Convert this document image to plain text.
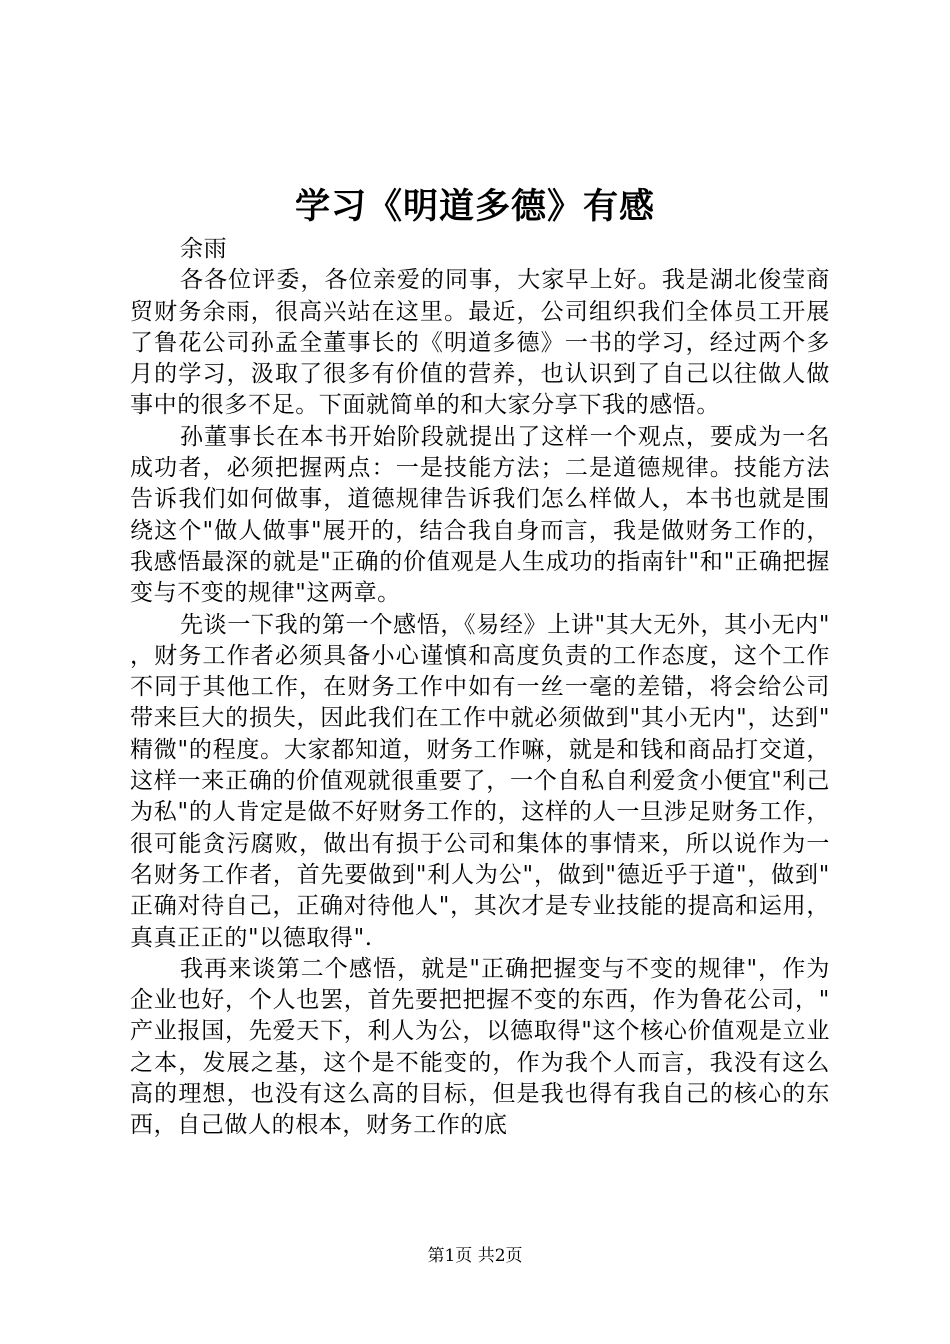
学习《明道多德》有感

余雨

各各位评委，各位亲爱的同事，大家早上好。我是湖北俊莹商贸财务余雨，很高兴站在这里。最近，公司组织我们全体员工开展了鲁花公司孙孟全董事长的《明道多德》一书的学习，经过两个多月的学习，汲取了很多有价值的营养，也认识到了自己以往做人做事中的很多不足。下面就简单的和大家分享下我的感悟。

孙董事长在本书开始阶段就提出了这样一个观点，要成为一名成功者，必须把握两点：一是技能方法；二是道德规律。技能方法告诉我们如何做事，道德规律告诉我们怎么样做人，本书也就是围绕这个"做人做事"展开的，结合我自身而言，我是做财务工作的，我感悟最深的就是"正确的价值观是人生成功的指南针"和"正确把握变与不变的规律"这两章。

先谈一下我的第一个感悟，《易经》上讲"其大无外，其小无内"，财务工作者必须具备小心谨慎和高度负责的工作态度，这个工作不同于其他工作，在财务工作中如有一丝一毫的差错，将会给公司带来巨大的损失，因此我们在工作中就必须做到"其小无内"，达到"精微"的程度。大家都知道，财务工作嘛，就是和钱和商品打交道，这样一来正确的价值观就很重要了，一个自私自利爱贪小便宜"利己为私"的人肯定是做不好财务工作的，这样的人一旦涉足财务工作，很可能贪污腐败，做出有损于公司和集体的事情来，所以说作为一名财务工作者，首先要做到"利人为公"，做到"德近乎于道"，做到"正确对待自己，正确对待他人"，其次才是专业技能的提高和运用，真真正正的"以德取得".

我再来谈第二个感悟，就是"正确把握变与不变的规律"，作为企业也好，个人也罢，首先要把把握不变的东西，作为鲁花公司，"产业报国，先爱天下，利人为公，以德取得"这个核心价值观是立业之本，发展之基，这个是不能变的，作为我个人而言，我没有这么高的理想，也没有这么高的目标，但是我也得有我自己的核心的东西，自己做人的根本，财务工作的底

第1页 共2页
